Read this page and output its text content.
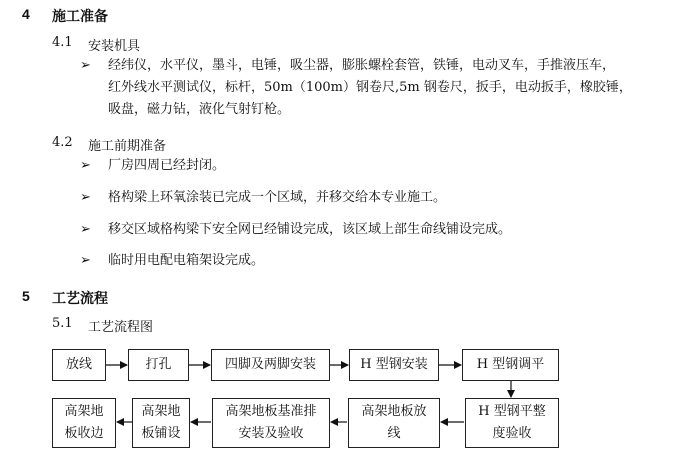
4 施工准备
4.1 安装机具
➢ 经纬仪，水平仪，墨斗，电锤，吸尘器，膨胀螺栓套管，铁锤，电动叉车，手推液压车，
红外线水平测试仪，标杆，50m（100m）钢卷尺,5m 钢卷尺，扳手，电动扳手，橡胶锤，
吸盘，磁力钻，液化气射钉枪。
4.2 施工前期准备
➢ 厂房四周已经封闭。
➢ 格构梁上环氧涂装已完成一个区域，并移交给本专业施工。
➢ 移交区域格构梁下安全网已经铺设完成，该区域上部生命线铺设完成。
➢ 临时用电配电箱架设完成。
5 工艺流程
5.1 工艺流程图
放线	打孔	四脚及两脚安装	H 型钢安装	H 型钢调平
高架地
板收边
高架地
板铺设
高架地板基准排
安装及验收
高架地板放
线
H 型钢平整
度验收
